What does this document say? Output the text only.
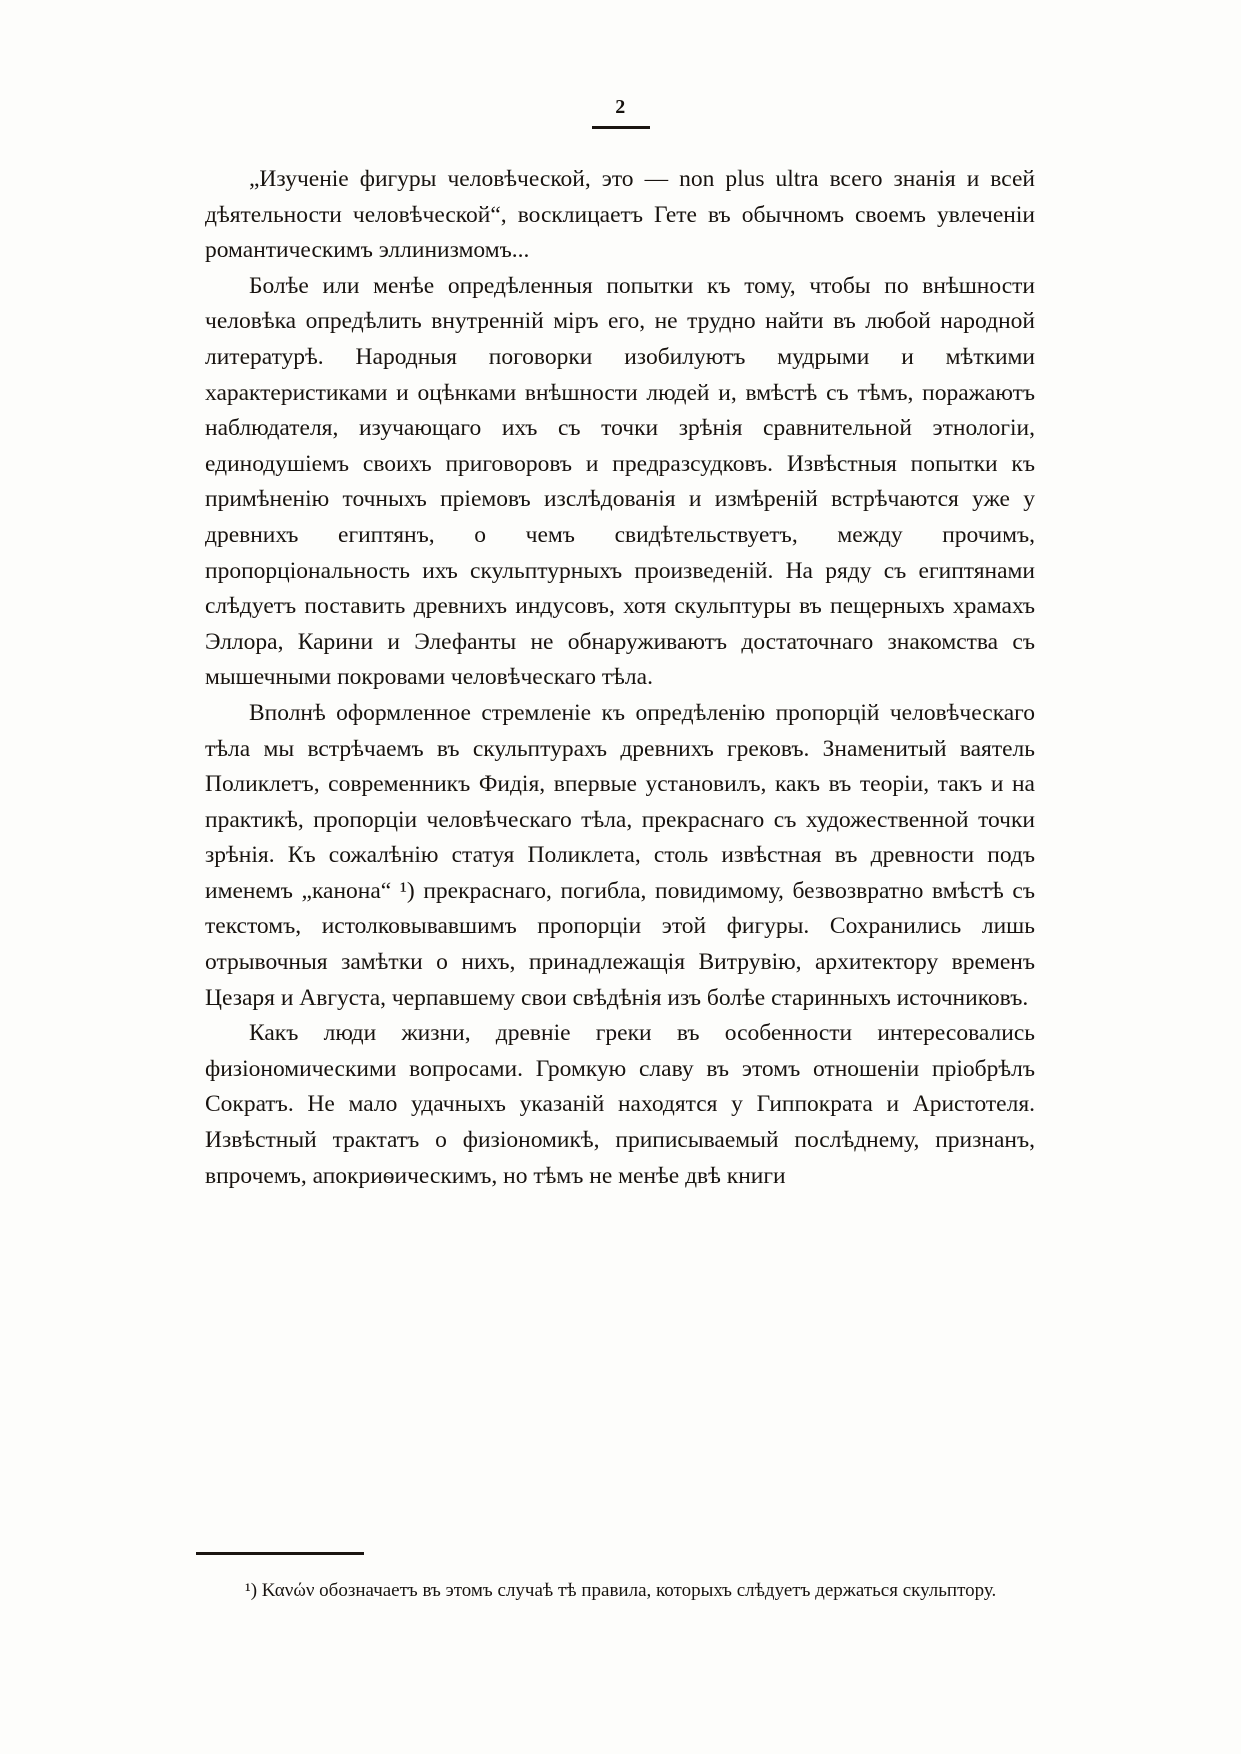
2

„Изученіе фигуры человѣческой, это — non plus ultra всего знанія и всей дѣятельности человѣческой“, восклицаетъ Гете въ обычномъ своемъ увлеченіи романтическимъ эллинизмомъ...

Болѣе или менѣе опредѣленныя попытки къ тому, чтобы по внѣшности человѣка опредѣлить внутренній міръ его, не трудно найти въ любой народной литературѣ. Народныя поговорки изобилуютъ мудрыми и мѣткими характеристиками и оцѣнками внѣшности людей и, вмѣстѣ съ тѣмъ, поражаютъ наблюдателя, изучающаго ихъ съ точки зрѣнія сравнительной этнологіи, единодушіемъ своихъ приговоровъ и предразсудковъ. Извѣстныя попытки къ примѣненію точныхъ пріемовъ изслѣдованія и измѣреній встрѣчаются уже у древнихъ египтянъ, о чемъ свидѣтельствуетъ, между прочимъ, пропорціональность ихъ скульптурныхъ произведеній. На ряду съ египтянами слѣдуетъ поставить древнихъ индусовъ, хотя скульптуры въ пещерныхъ храмахъ Эллора, Карини и Элефанты не обнаруживаютъ достаточнаго знакомства съ мышечными покровами человѣческаго тѣла.

Вполнѣ оформленное стремленіе къ опредѣленію пропорцій человѣческаго тѣла мы встрѣчаемъ въ скульптурахъ древнихъ грековъ. Знаменитый ваятель Поликлетъ, современникъ Фидія, впервые установилъ, какъ въ теоріи, такъ и на практикѣ, пропорціи человѣческаго тѣла, прекраснаго съ художественной точки зрѣнія. Къ сожалѣнію статуя Поликлета, столь извѣстная въ древности подъ именемъ „канона“ ¹) прекраснаго, погибла, повидимому, безвозвратно вмѣстѣ съ текстомъ, истолковывавшимъ пропорціи этой фигуры. Сохранились лишь отрывочныя замѣтки о нихъ, принадлежащія Витрувію, архитектору временъ Цезаря и Августа, черпавшему свои свѣдѣнія изъ болѣе старинныхъ источниковъ.

Какъ люди жизни, древніе греки въ особенности интересовались физіономическими вопросами. Громкую славу въ этомъ отношеніи пріобрѣлъ Сократъ. Не мало удачныхъ указаній находятся у Гиппократа и Аристотеля. Извѣстный трактатъ о физіономикѣ, приписываемый послѣднему, признанъ, впрочемъ, апокриѳическимъ, но тѣмъ не менѣе двѣ книги

¹) Κανών обозначаетъ въ этомъ случаѣ тѣ правила, которыхъ слѣдуетъ держаться скульптору.
